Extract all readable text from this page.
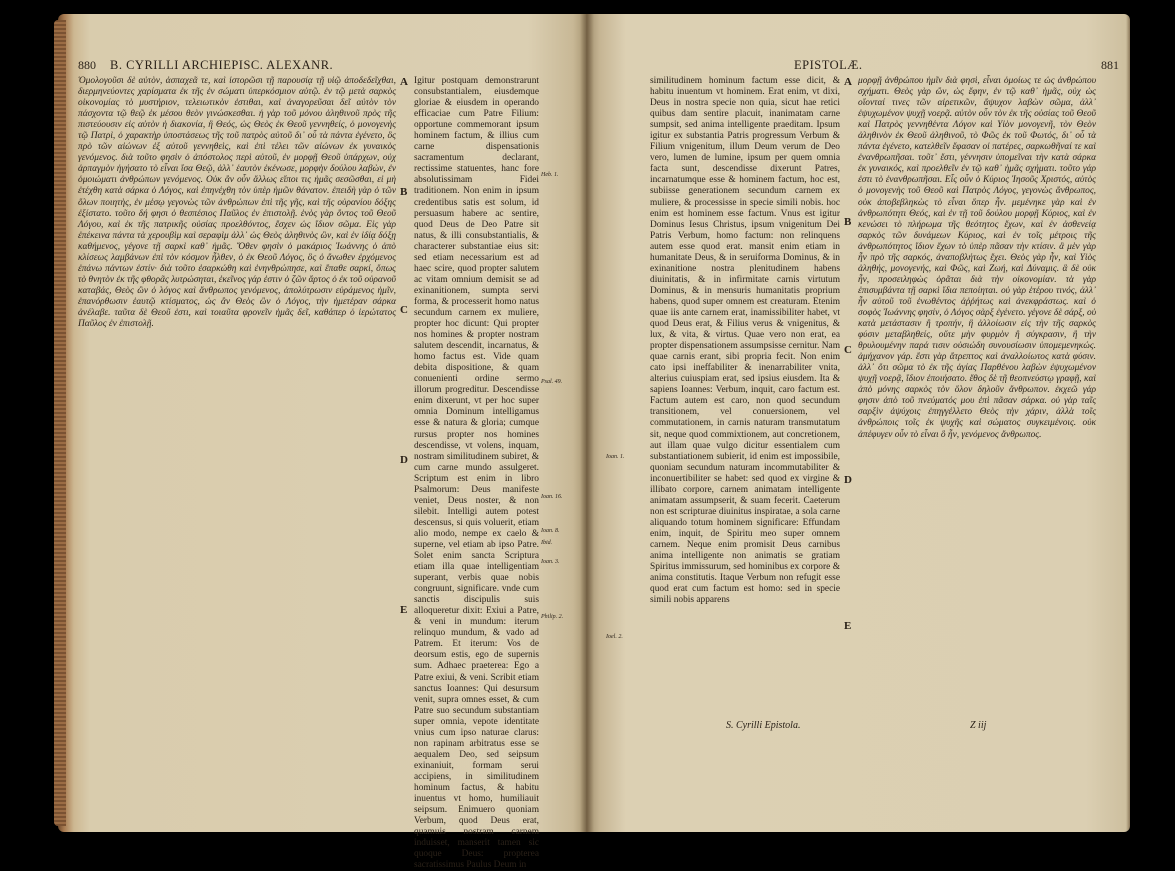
880 B. CYRILLI ARCHIEPISC. ALEXANR.
Ὁμολογοῦσι δὲ αὐτὸν, ἀσπαχεᾶ τε, καὶ ἱστορῶσι τῇ παρουσίᾳ τῇ υἱῷ ἀποδεδεῖχθαι, διερμηνεύοντες χαρίσματα ἐκ τῆς ἐν σώματι ὑπερκόσμιον αὐτῷ. ἐν τῷ μετὰ σαρκὸς οἰκονομίας τὸ μυστήριον, τελειωτικὸν ἐστιθαι, καὶ ἀναγορεῦσαι δεῖ αὐτὸν τὸν πάσχοντα τῷ θεῷ ἐκ μέσου θεὸν γινώσκεσθαι. ἡ γὰρ τοῦ μόνου ἀληθινοῦ πρὸς τῆς πιστεύουσιν εἰς αὐτὸν ἡ διακονία, ἣ Θεός, ὡς Θεὸς ἐκ Θεοῦ γεννηθείς, ὁ μονογενὴς τῷ Πατρὶ, ὁ χαρακτὴρ ὑποστάσεως τῆς τοῦ πατρὸς αὐτοῦ δι᾽ οὗ τὰ πάντα ἐγένετο, ὃς πρὸ τῶν αἰώνων ἐξ αὐτοῦ γεννηθεὶς, καὶ ἐπὶ τέλει τῶν αἰώνων ἐκ γυναικὸς γενόμενος. διὰ τοῦτο φησὶν ὁ ἀπόστολος περὶ αὐτοῦ, ἐν μορφῇ Θεοῦ ὑπάρχων, οὐχ ἁρπαγμὸν ἡγήσατο τὸ εἶναι ἴσα Θεῷ, ἀλλ᾽ ἑαυτὸν ἐκένωσε, μορφὴν δούλου λαβὼν, ἐν ὁμοιώματι ἀνθρώπων γενόμενος. Οὐκ ἂν οὖν ἄλλως εἴποι τις ἡμᾶς σεσῶσθαι, εἰ μὴ ἐτέχθη κατὰ σάρκα ὁ Λόγος, καὶ ἐπηνέχθη τὸν ὑπὲρ ἡμῶν θάνατον. ἐπειδὴ γὰρ ὁ τῶν ὅλων ποιητὴς, ἐν μέσῳ γεγονὼς τῶν ἀνθρώπων ἐπὶ τῆς γῆς, καὶ τῆς οὐρανίου δόξης ἐξίστατο. τοῦτο δή φησι ὁ θεσπέσιος Παῦλος ἐν ἐπιστολῇ. ἑνὸς γὰρ ὄντος τοῦ Θεοῦ Λόγου, καὶ ἐκ τῆς πατρικῆς οὐσίας προελθόντος, ἔσχεν ὡς ἴδιον σῶμα. Εἰς γὰρ ἐπέκεινα πάντα τὰ χερουβὶμ καὶ σεραφὶμ ἀλλ᾽ ὡς Θεὸς ἀληθινὸς ὢν, καὶ ἐν ἰδίᾳ δόξῃ καθήμενος, γέγονε τῇ σαρκὶ καθ᾽ ἡμᾶς. Ὅθεν φησὶν ὁ μακάριος Ἰωάννης ὁ ἀπὸ κλίσεως λαμβάνων ἐπὶ τὸν κόσμον ἦλθεν, ὁ ἐκ Θεοῦ Λόγος, ὃς ὁ ἄνωθεν ἐρχόμενος ἐπάνω πάντων ἐστίν· διὰ τοῦτο ἐσαρκώθη καὶ ἐνηνθρώπησε, καὶ ἔπαθε σαρκί, ὅπως τὸ θνητὸν ἐκ τῆς φθορᾶς λυτρώσηται, ἐκεῖνος γάρ ἐστιν ὁ ζῶν ἄρτος ὁ ἐκ τοῦ οὐρανοῦ καταβάς, Θεὸς ὢν ὁ λόγος καὶ ἄνθρωπος γενόμενος, ἀπολύτρωσιν εὑράμενος ἡμῖν, ἐπανόρθωσιν ἑαυτῷ κτίσματος, ὡς ἂν Θεὸς ὢν ὁ Λόγος, τὴν ἡμετέραν σάρκα ἀνέλαβε. ταῦτα δὲ Θεοῦ ἐστι, καὶ τοιαῦτα φρονεῖν ἡμᾶς δεῖ, καθάπερ ὁ ἱερώτατος Παῦλος ἐν ἐπιστολῇ.
A
B
C
D
E
Igitur postquam demonstrarunt consubstantialem, eiusdemque gloriae & eiusdem in operando efficaciae cum Patre Filium: opportune commemorant ipsum hominem factum, & illius cum carne dispensationis sacramentum declarant, rectissime statuentes, hanc fore absolutissimam Fidei traditionem. Non enim in ipsum credentibus satis est solum, id persuasum habere ac sentire, quod Deus de Deo Patre sit natus, & illi consubstantialis, & characterer substantiae eius sit: sed etiam necessarium est ad haec scire, quod propter salutem ac vitam omnium demisit se ad exinanitionem, sumpta servi forma, & processerit homo natus secundum carnem ex muliere, propter hoc dicunt: Qui propter nos homines & propter nostram salutem descendit, incarnatus, & homo factus est. Vide quam debita dispositione, & quam conuenienti ordine sermo illorum progreditur. Descendisse enim dixerunt, vt per hoc super omnia Dominum intelligamus esse & natura & gloria; cumque rursus propter nos homines descendisse, vt volens, inquam, nostram similitudinem subiret, & cum carne mundo assulgeret. Scriptum est enim in libro Psalmorum: Deus manifeste veniet, Deus noster, & non silebit. Intelligi autem potest descensus, si quis voluerit, etiam alio modo, nempe ex caelo & superne, vel etiam ab ipso Patre. Solet enim sancta Scriptura etiam illa quae intelligentiam superant, verbis quae nobis congruunt, significare. vnde cum sanctis discipulis suis alloqueretur dixit: Exiui a Patre, & veni in mundum: iterum relinquo mundum, & vado ad Patrem. Et iterum: Vos de deorsum estis, ego de supernis sum. Adhaec praeterea: Ego a Patre exiui, & veni. Scribit etiam sanctus Ioannes: Qui desursum venit, supra omnes esset, & cum Patre suo secundum substantiam super omnia, vepote identitate vnius cum ipso naturae clarus: non rapinam arbitratus esse se aequalem Deo, sed seipsum exinaniuit, formam serui accipiens, in similitudinem hominum factus, & habitu inuentus vt homo, humiliauit seipsum. Enimuero quoniam Verbum, quod Deus erat, quamuis nostram carnem induisset, manserit tamen sic quoque Deus: propterea sacratissimus Paulus Deum in
Heb. 1.
Psal. 49.
Ioan. 16.
Ioan. 8.
Ibid.
Ioan. 3.
Philip. 2.
EPISTOLÆ.	881
Ioan. 1.
Ioel. 2.
similitudinem hominum factum esse dicit, & habitu inuentum vt hominem. Erat enim, vt dixi, Deus in nostra specie non quia, sicut hae retici quibus dam sentire placuit, inanimatam carne sumpsit, sed anima intelligente praeditam. Ipsum igitur ex substantia Patris progressum Verbum & Filium vnigenitum, illum Deum verum de Deo vero, lumen de lumine, ipsum per quem omnia facta sunt, descendisse dixerunt Patres, incarnatumque esse & hominem factum, hoc est, subiisse generationem secundum carnem ex muliere, & processisse in specie simili nobis. hoc enim est hominem esse factum. Vnus est igitur Dominus Iesus Christus, ipsum vnigenitum Dei Patris Verbum, homo factum: non relinquens autem esse quod erat. mansit enim etiam in humanitate Deus, & in seruiforma Dominus, & in exinanitione nostra plenitudinem habens diuinitatis, & in infirmitate carnis virtutum Dominus, & in mensuris humanitatis proprium habens, quod super omnem est creaturam. Etenim quae iis ante carnem erat, inamissibiliter habet, vt quod Deus erat, & Filius verus & vnigenitus, & lux, & vita, & virtus. Quae vero non erat, ea propter dispensationem assumpsisse cernitur. Nam quae carnis erant, sibi propria fecit. Non enim cato ipsi ineffabiliter & inenarrabiliter vnita, alterius cuiuspiam erat, sed ipsius eiusdem. Ita & sapiens Ioannes: Verbum, inquit, caro factum est. Factum autem est caro, non quod secundum transitionem, vel conuersionem, vel commutationem, in carnis naturam transmutatum sit, neque quod commixtionem, aut concretionem, aut illam quae vulgo dicitur essentialem cum substantiationem subierit, id enim est impossibile, quoniam secundum naturam incommutabiliter & inconuertibiliter se habet: sed quod ex virgine & illibato corpore, carnem animatam intelligente animatam assumpserit, & suam fecerit. Caeterum non est scripturae diuinitus inspiratae, a sola carne aliquando totum hominem significare: Effundam enim, inquit, de Spiritu meo super omnem carnem. Neque enim promisit Deus carnibus anima intelligente non animatis se gratiam Spiritus immissurum, sed hominibus ex corpore & anima constitutis. Itaque Verbum non refugit esse quod erat cum factum est homo: sed in specie simili nobis apparens
A
B
C
D
E
μορφῇ ἀνθρώπου ἡμῖν διὰ φησὶ, εἶναι ὁμοίως τε ὡς ἀνθρώπου σχήματι. Θεὸς γὰρ ὤν, ὡς ἔφην, ἐν τῷ καθ᾽ ἡμᾶς, οὐχ ὡς οἴονταί τινες τῶν αἱρετικῶν, ἄψυχον λαβὼν σῶμα, ἀλλ᾽ ἐψυχωμένον ψυχῇ νοερᾷ. αὐτὸν οὖν τὸν ἐκ τῆς οὐσίας τοῦ Θεοῦ καὶ Πατρὸς γεννηθέντα Λόγον καὶ Υἱὸν μονογενῆ, τὸν Θεὸν ἀληθινὸν ἐκ Θεοῦ ἀληθινοῦ, τὸ Φῶς ἐκ τοῦ Φωτός, δι᾽ οὗ τὰ πάντα ἐγένετο, κατελθεῖν ἔφασαν οἱ πατέρες, σαρκωθῆναί τε καὶ ἐνανθρωπῆσαι. τοῦτ᾽ ἔστι, γέννησιν ὑπομεῖναι τὴν κατὰ σάρκα ἐκ γυναικός, καὶ προελθεῖν ἐν τῷ καθ᾽ ἡμᾶς σχήματι. τοῦτο γάρ ἐστι τὸ ἐνανθρωπῆσαι. Εἷς οὖν ὁ Κύριος Ἰησοῦς Χριστός, αὐτὸς ὁ μονογενὴς τοῦ Θεοῦ καὶ Πατρὸς Λόγος, γεγονὼς ἄνθρωπος, οὐκ ἀποβεβληκὼς τὸ εἶναι ὅπερ ἦν. μεμένηκε γὰρ καὶ ἐν ἀνθρωπότητι Θεός, καὶ ἐν τῇ τοῦ δούλου μορφῇ Κύριος, καὶ ἐν κενώσει τὸ πλήρωμα τῆς θεότητος ἔχων, καὶ ἐν ἀσθενείᾳ σαρκὸς τῶν δυνάμεων Κύριος, καὶ ἐν τοῖς μέτροις τῆς ἀνθρωπότητος ἴδιον ἔχων τὸ ὑπὲρ πᾶσαν τὴν κτίσιν. ἃ μὲν γὰρ ἦν πρὸ τῆς σαρκός, ἀναποβλήτως ἔχει. Θεὸς γὰρ ἦν, καὶ Υἱὸς ἀληθής, μονογενής, καὶ Φῶς, καὶ Ζωή, καὶ Δύναμις. ἃ δὲ οὐκ ἦν, προσειληφὼς ὁρᾶται διὰ τὴν οἰκονομίαν. τὰ γὰρ ἐπισυμβάντα τῇ σαρκὶ ἴδια πεποίηται. οὐ γὰρ ἑτέρου τινός, ἀλλ᾽ ἦν αὐτοῦ τοῦ ἑνωθέντος ἀῤῥήτως καὶ ἀνεκφράστως. καὶ ὁ σοφὸς Ἰωάννης φησίν, ὁ Λόγος σὰρξ ἐγένετο. γέγονε δὲ σάρξ, οὐ κατὰ μετάστασιν ἢ τροπήν, ἢ ἀλλοίωσιν εἰς τὴν τῆς σαρκὸς φύσιν μεταβληθείς, οὔτε μὴν φυρμὸν ἢ σύγκρασιν, ἢ τὴν θρυλουμένην παρά τισιν οὐσιώδη συνουσίωσιν ὑπομεμενηκώς. ἀμήχανον γάρ. ἔστι γὰρ ἄτρεπτος καὶ ἀναλλοίωτος κατὰ φύσιν. ἀλλ᾽ ὅτι σῶμα τὸ ἐκ τῆς ἁγίας Παρθένου λαβὼν ἐψυχωμένον ψυχῇ νοερᾷ, ἴδιον ἐποιήσατο. ἔθος δὲ τῇ θεοπνεύστῳ γραφῇ, καὶ ἀπὸ μόνης σαρκὸς τὸν ὅλον δηλοῦν ἄνθρωπον. ἐκχεῶ γάρ φησιν ἀπὸ τοῦ πνεύματός μου ἐπὶ πᾶσαν σάρκα. οὐ γὰρ ταῖς σαρξὶν ἀψύχοις ἐπηγγέλλετο Θεὸς τὴν χάριν, ἀλλὰ τοῖς ἀνθρώποις τοῖς ἐκ ψυχῆς καὶ σώματος συγκειμένοις. οὐκ ἀπέφυγεν οὖν τὸ εἶναι ὃ ἦν, γενόμενος ἄνθρωπος.
S. Cyrilli Epistola.	Z iij
